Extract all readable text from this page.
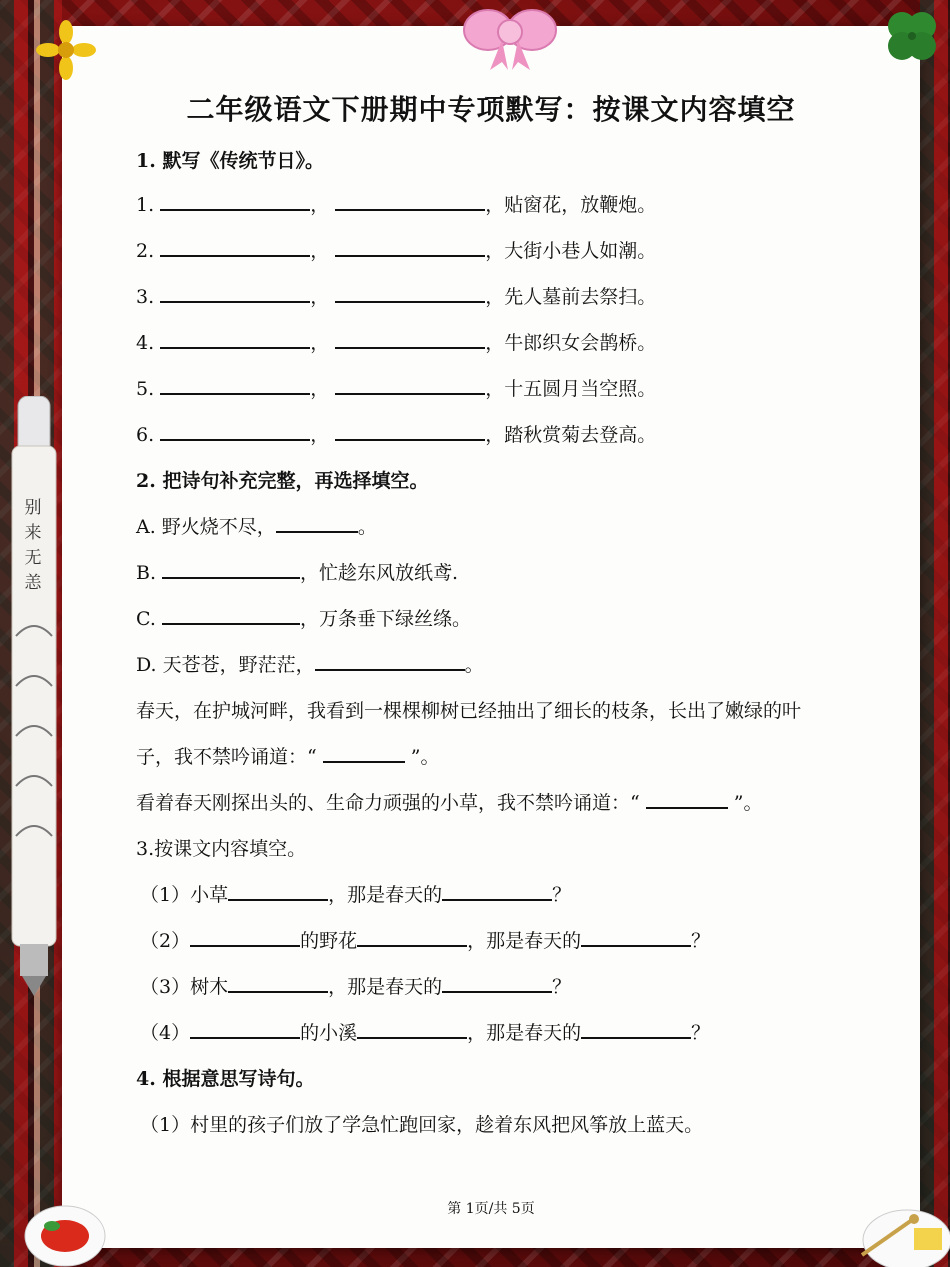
二年级语文下册期中专项默写：按课文内容填空
1. 默写《传统节日》。
1.	，	，贴窗花，放鞭炮。
2.	，	，大街小巷人如潮。
3.	，	，先人墓前去祭扫。
4.	，	，牛郎织女会鹊桥。
5.	，	，十五圆月当空照。
6.	，	，踏秋赏菊去登高。
2. 把诗句补充完整，再选择填空。
A. 野火烧不尽，	。
B.	，忙趁东风放纸鸢.
C.	，万条垂下绿丝绦。
D. 天苍苍，野茫茫，	。
春天，在护城河畔，我看到一棵棵柳树已经抽出了细长的枝条，长出了嫩绿的叶
子，我不禁吟诵道：“	”。
看着春天刚探出头的、生命力顽强的小草，我不禁吟诵道：“	”。
3.按课文内容填空。
（1）小草	，那是春天的	？
（2）	的野花	，那是春天的	？
（3）树木	，那是春天的	？
（4）	的小溪	，那是春天的	？
4. 根据意思写诗句。
（1）村里的孩子们放了学急忙跑回家，趁着东风把风筝放上蓝天。
第 1页/共 5页
别
来
无
恙
